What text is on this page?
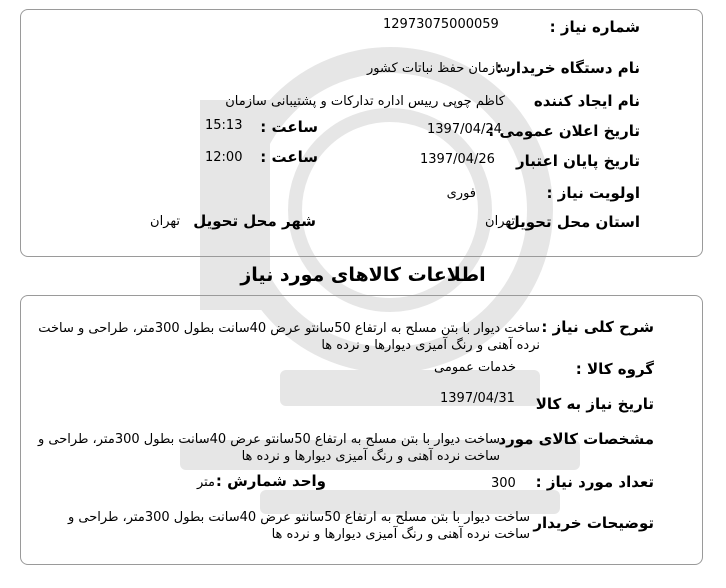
شماره نیاز :
12973075000059
نام دستگاه خریدار :
سازمان حفظ نباتات کشور
نام ایجاد کننده
کاظم چوپی رییس اداره تدارکات و پشتیبانی سازمان
تاریخ اعلان عمومی :
1397/04/24
ساعت :
15:13
تاریخ پایان اعتبار
1397/04/26
ساعت :
12:00
اولویت نیاز :
فوری
استان محل تحویل
تهران
شهر محل تحویل
تهران
اطلاعات کالاهای مورد نیاز
شرح کلی نیاز :
ساخت دیوار با بتن مسلح به ارتفاع 50سانتو عرض 40سانت بطول 300متر، طراحی و ساخت نرده آهنی و رنگ آمیزی دیوارها و نرده ها
گروه کالا :
خدمات عمومی
تاریخ نیاز به کالا
1397/04/31
مشخصات کالای مورد
ساخت دیوار با بتن مسلح به ارتفاع 50سانتو عرض 40سانت بطول 300متر، طراحی و ساخت نرده آهنی و رنگ آمیزی دیوارها و نرده ها
تعداد مورد نیاز :
300
واحد شمارش :
متر
توضیحات خریدار
ساخت دیوار با بتن مسلح به ارتفاع 50سانتو عرض 40سانت بطول 300متر، طراحی و ساخت نرده آهنی و رنگ آمیزی دیوارها و نرده ها
